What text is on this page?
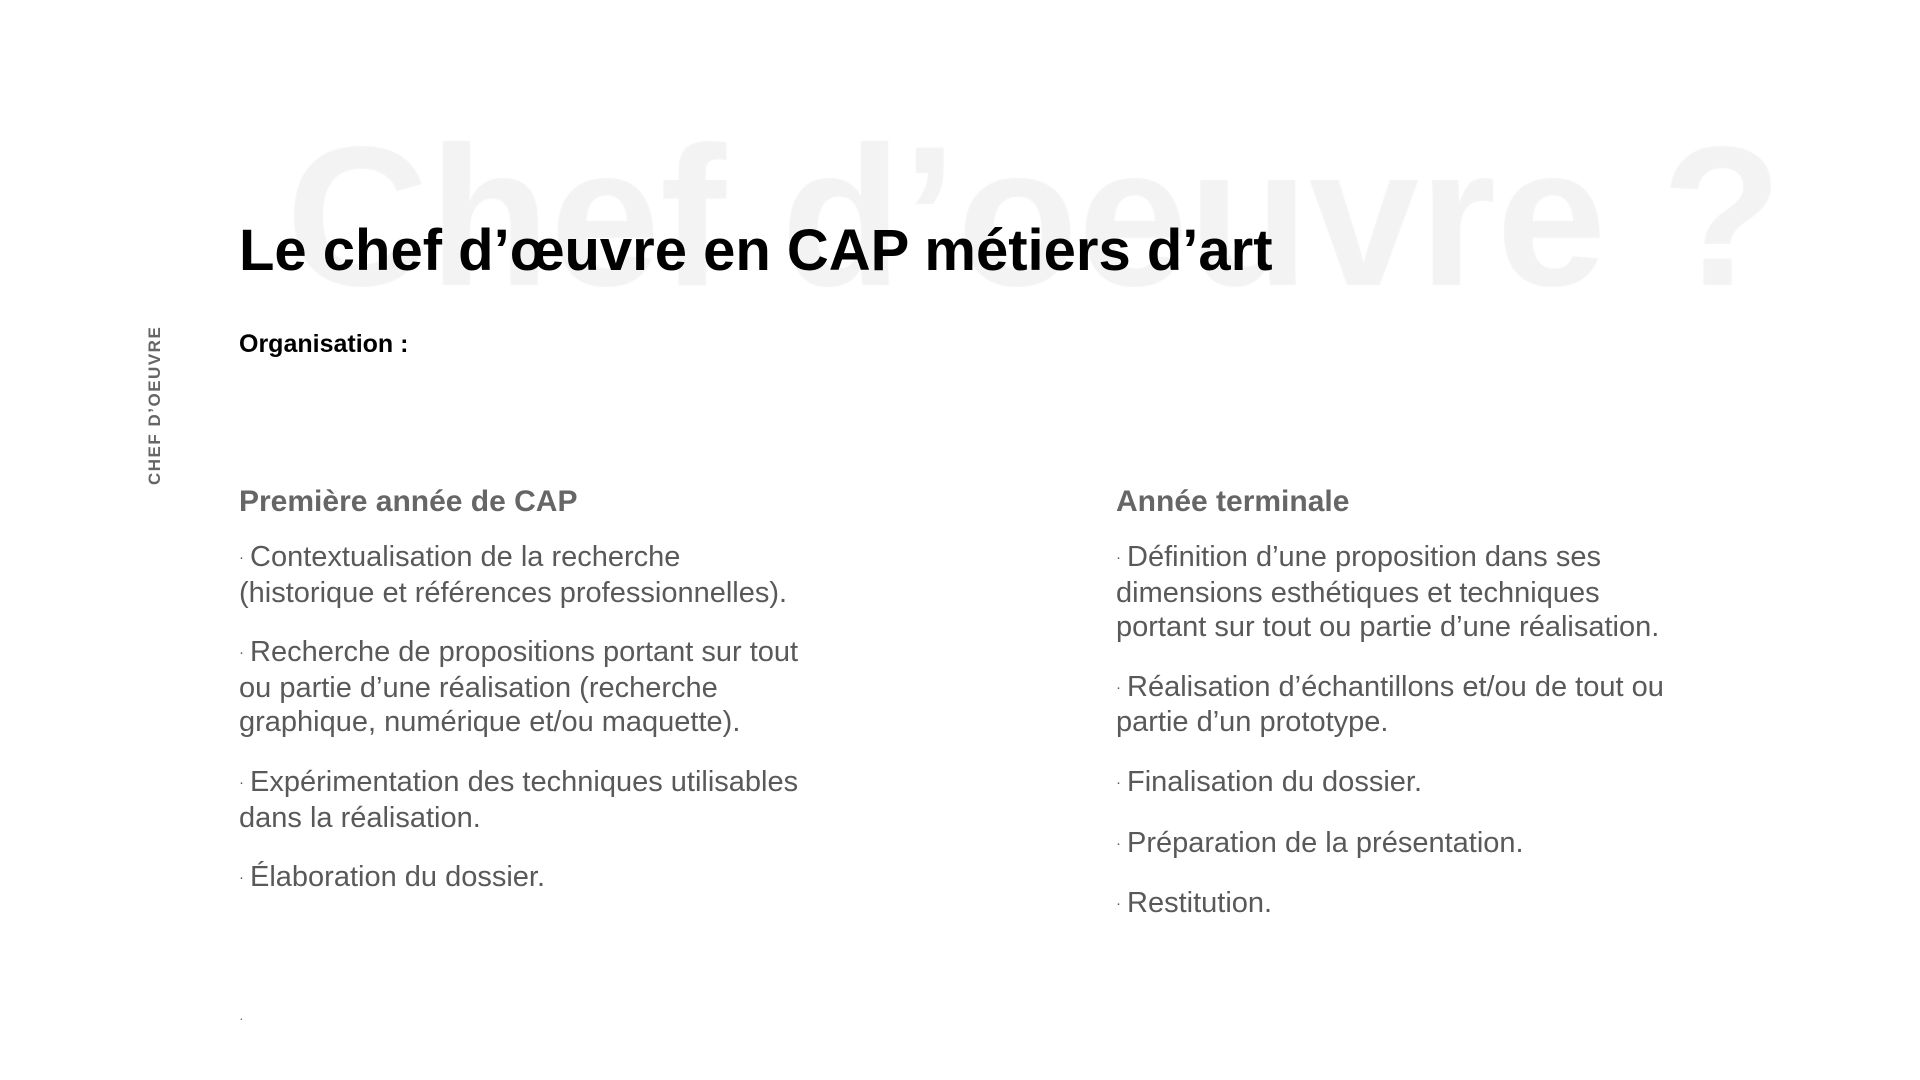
Le chef d’œuvre en CAP métiers d’art
CHEF D’OEUVRE	Organisation :
Première année de CAP
· Contextualisation de la recherche (historique et références professionnelles).
· Recherche de propositions portant sur tout ou partie d’une réalisation (recherche graphique, numérique et/ou maquette).
· Expérimentation des techniques utilisables dans la réalisation.
· Élaboration du dossier.
Année terminale
· Définition d’une proposition dans ses dimensions esthétiques et techniques portant sur tout ou partie d’une réalisation.
· Réalisation d’échantillons et/ou de tout ou partie d’un prototype.
· Finalisation du dossier.
· Préparation de la présentation.
· Restitution.
·
